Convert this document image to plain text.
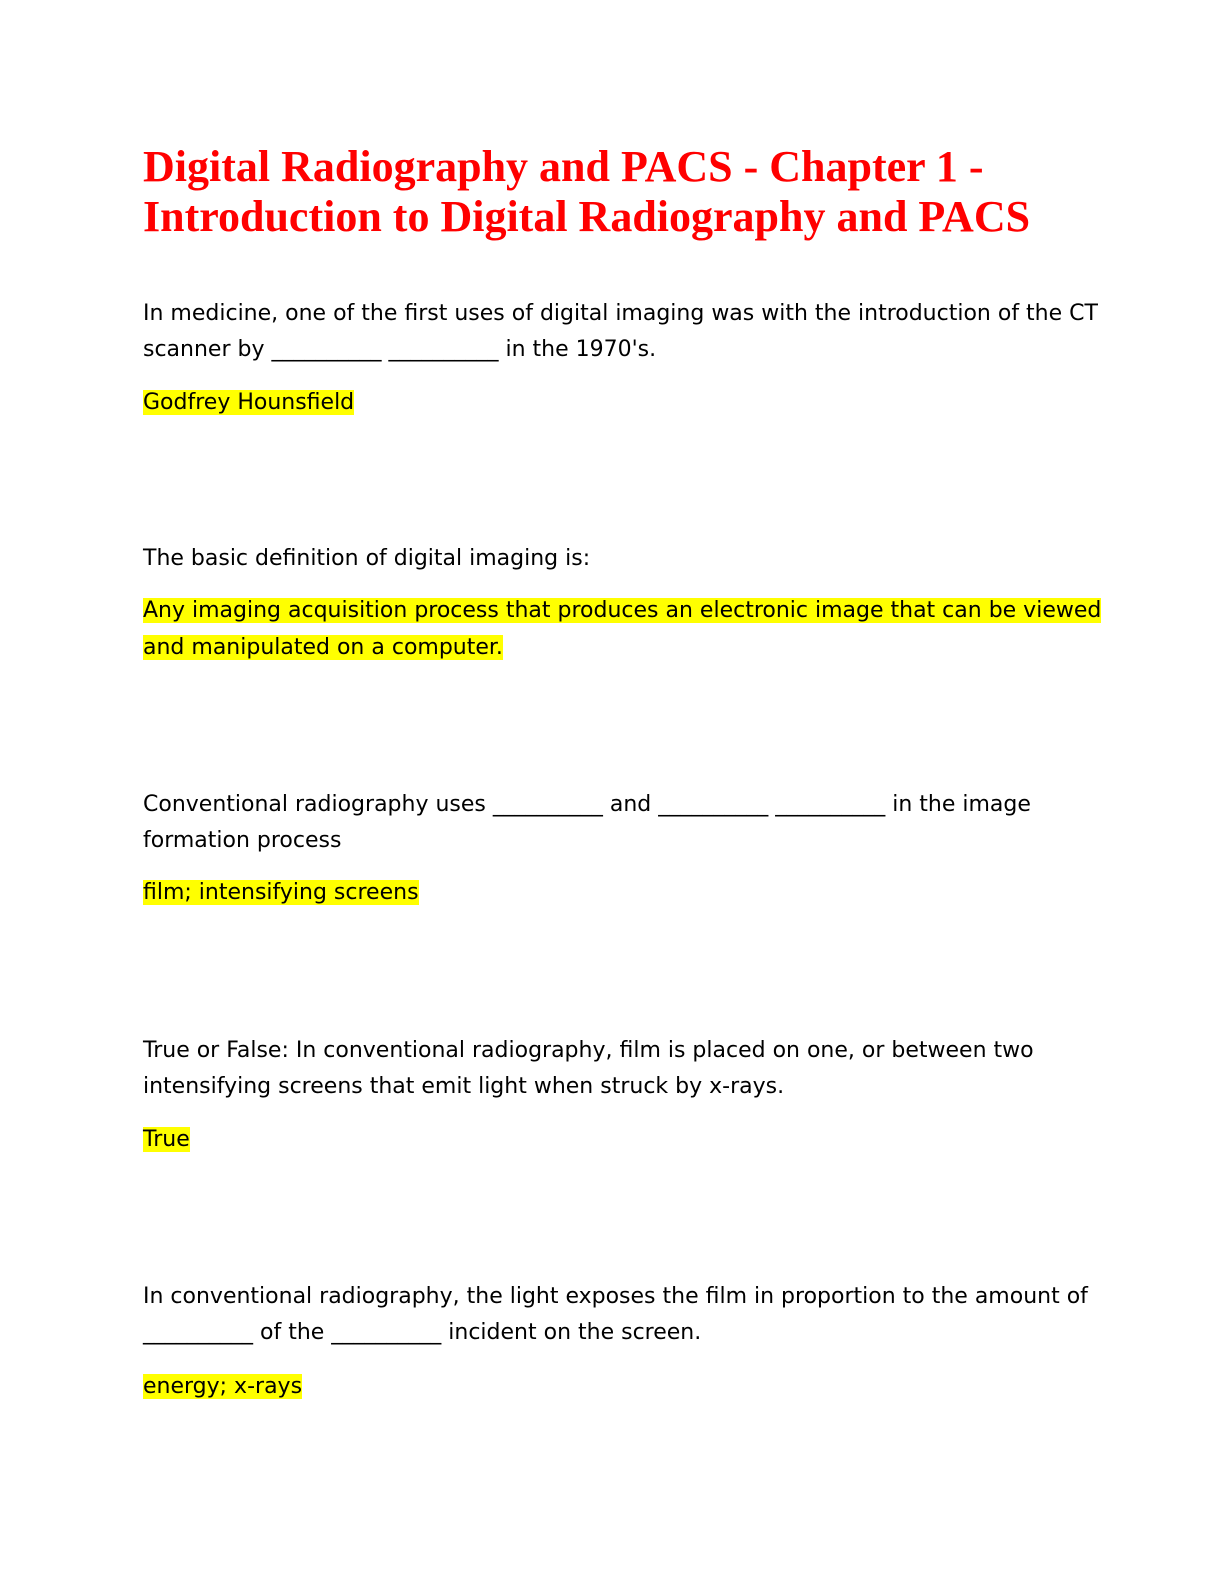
Digital Radiography and PACS - Chapter 1 - Introduction to Digital Radiography and PACS

In medicine, one of the first uses of digital imaging was with the introduction of the CT scanner by __________ __________ in the 1970's.

Godfrey Hounsfield

The basic definition of digital imaging is:

Any imaging acquisition process that produces an electronic image that can be viewed and manipulated on a computer.

Conventional radiography uses __________ and __________ __________ in the image formation process

film; intensifying screens

True or False: In conventional radiography, film is placed on one, or between two intensifying screens that emit light when struck by x-rays.

True

In conventional radiography, the light exposes the film in proportion to the amount of __________ of the __________ incident on the screen.

energy; x-rays
